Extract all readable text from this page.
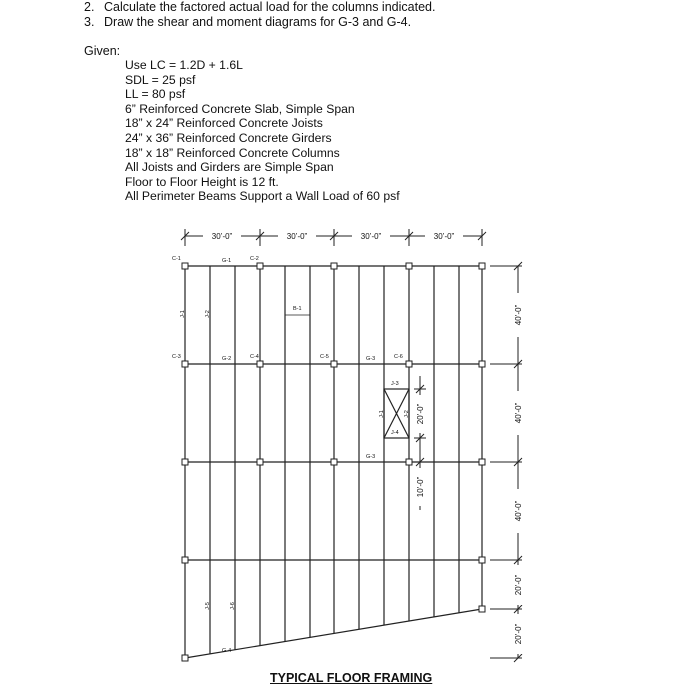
2. Calculate the factored actual load for the columns indicated.
3. Draw the shear and moment diagrams for G-3 and G-4.
Given:
Use LC = 1.2D + 1.6L
SDL = 25 psf
LL = 80 psf
6” Reinforced Concrete Slab, Simple Span
18” x 24” Reinforced Concrete Joists
24” x 36” Reinforced Concrete Girders
18” x 18” Reinforced Concrete Columns
All Joists and Girders are Simple Span
Floor to Floor Height is 12 ft.
All Perimeter Beams Support a Wall Load of 60 psf
30’-0”	30’-0”	30’-0”	30’-0”
40’-0”
40’-0”
40’-0”
20’-0”
20’-0”
20’-0”
10’-0”
C-1	G-1	C-2
C-3	G-2	C-4	C-5	G-3	C-6
G-3
G-4
B-1
J-3
J-4
J-1	J-2
J-1	J-2
J-5	J-6
TYPICAL FLOOR FRAMING
